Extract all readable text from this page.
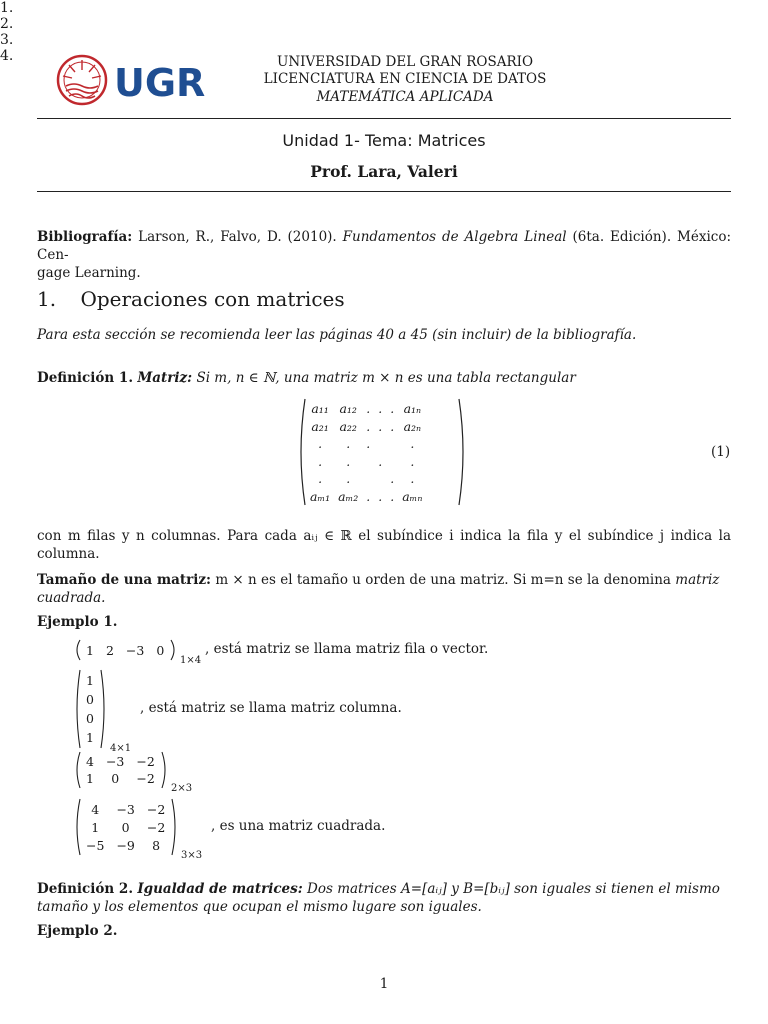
UGR	UNIVERSIDAD DEL GRAN ROSARIO
LICENCIATURA EN CIENCIA DE DATOS
MATEMÁTICA APLICADA
Unidad 1- Tema: Matrices
Prof. Lara, Valeri
Bibliografía: Larson, R., Falvo, D. (2010). Fundamentos de Algebra Lineal (6ta. Edición). México: Cen-
gage Learning.
1. Operaciones con matrices
Para esta sección se recomienda leer las páginas 40 a 45 (sin incluir) de la bibliografía.
Definición 1. Matriz: Si m, n ∈ ℕ, una matriz m × n es una tabla rectangular
a₁₁	a₁₂	.	.	.	a₁ₙ
a₂₁	a₂₂	.	.	.	a₂ₙ
.	.	.			.
.	.		.		.
.	.			.	.
aₘ₁	aₘ₂	.	.	.	aₘₙ
(1)
con m filas y n columnas. Para cada aᵢⱼ ∈ ℝ el subíndice i indica la fila y el subíndice j indica la columna.
Tamaño de una matriz: m × n es el tamaño u orden de una matriz. Si m=n se la denomina matriz
cuadrada.
Ejemplo 1.
Definición 2. Igualdad de matrices: Dos matrices A=[aᵢⱼ] y B=[bᵢⱼ] son iguales si tienen el mismo
tamaño y los elementos que ocupan el mismo lugare son iguales.
Ejemplo 2.
1
1.
1	2	−3	0
1×4
, está matriz se llama matriz fila o vector.
2.
1
0
0
1
4×1
, está matriz se llama matriz columna.
3.
4	−3	−2
1	0	−2
2×3
4.
4	−3	−2
1	0	−2
−5	−9	8
3×3
, es una matriz cuadrada.
